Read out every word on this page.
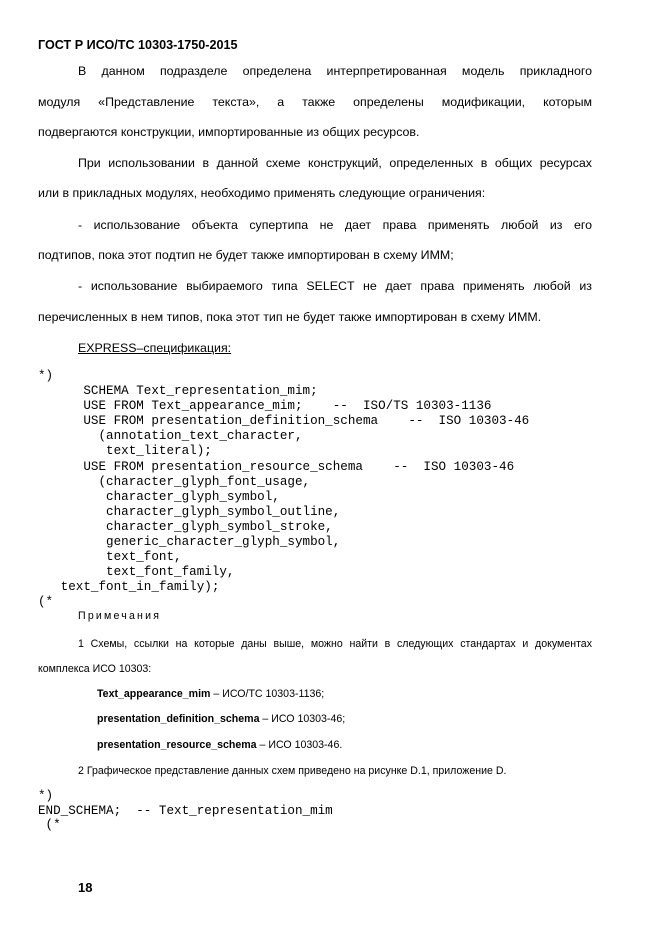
ГОСТ Р ИСО/ТС 10303-1750-2015
В данном подразделе определена интерпретированная модель прикладного
модуля «Представление текста», а также определены модификации, которым
подвергаются конструкции, импортированные из общих ресурсов.
При использовании в данной схеме конструкций, определенных в общих ресурсах
или в прикладных модулях, необходимо применять следующие ограничения:
- использование объекта супертипа не дает права применять любой из его
подтипов, пока этот подтип не будет также импортирован в схему ИММ;
- использование выбираемого типа SELECT не дает права применять любой из
перечисленных в нем типов, пока этот тип не будет также импортирован в схему ИММ.
EXPRESS–спецификация:
*)
SCHEMA Text_representation_mim;
USE FROM Text_appearance_mim;    --  ISO/TS 10303-1136
USE FROM presentation_definition_schema    --  ISO 10303-46
(annotation_text_character,
text_literal);
USE FROM presentation_resource_schema    --  ISO 10303-46
(character_glyph_font_usage,
character_glyph_symbol,
character_glyph_symbol_outline,
character_glyph_symbol_stroke,
generic_character_glyph_symbol,
text_font,
text_font_family,
text_font_in_family);
(*
Примечания
1 Схемы, ссылки на которые даны выше, можно найти в следующих стандартах и документах
комплекса ИСО 10303:
Text_appearance_mim – ИСО/ТС 10303-1136;
presentation_definition_schema – ИСО 10303-46;
presentation_resource_schema – ИСО 10303-46.
2 Графическое представление данных схем приведено на рисунке D.1, приложение D.
*)
END_SCHEMA;  -- Text_representation_mim
(*
18
